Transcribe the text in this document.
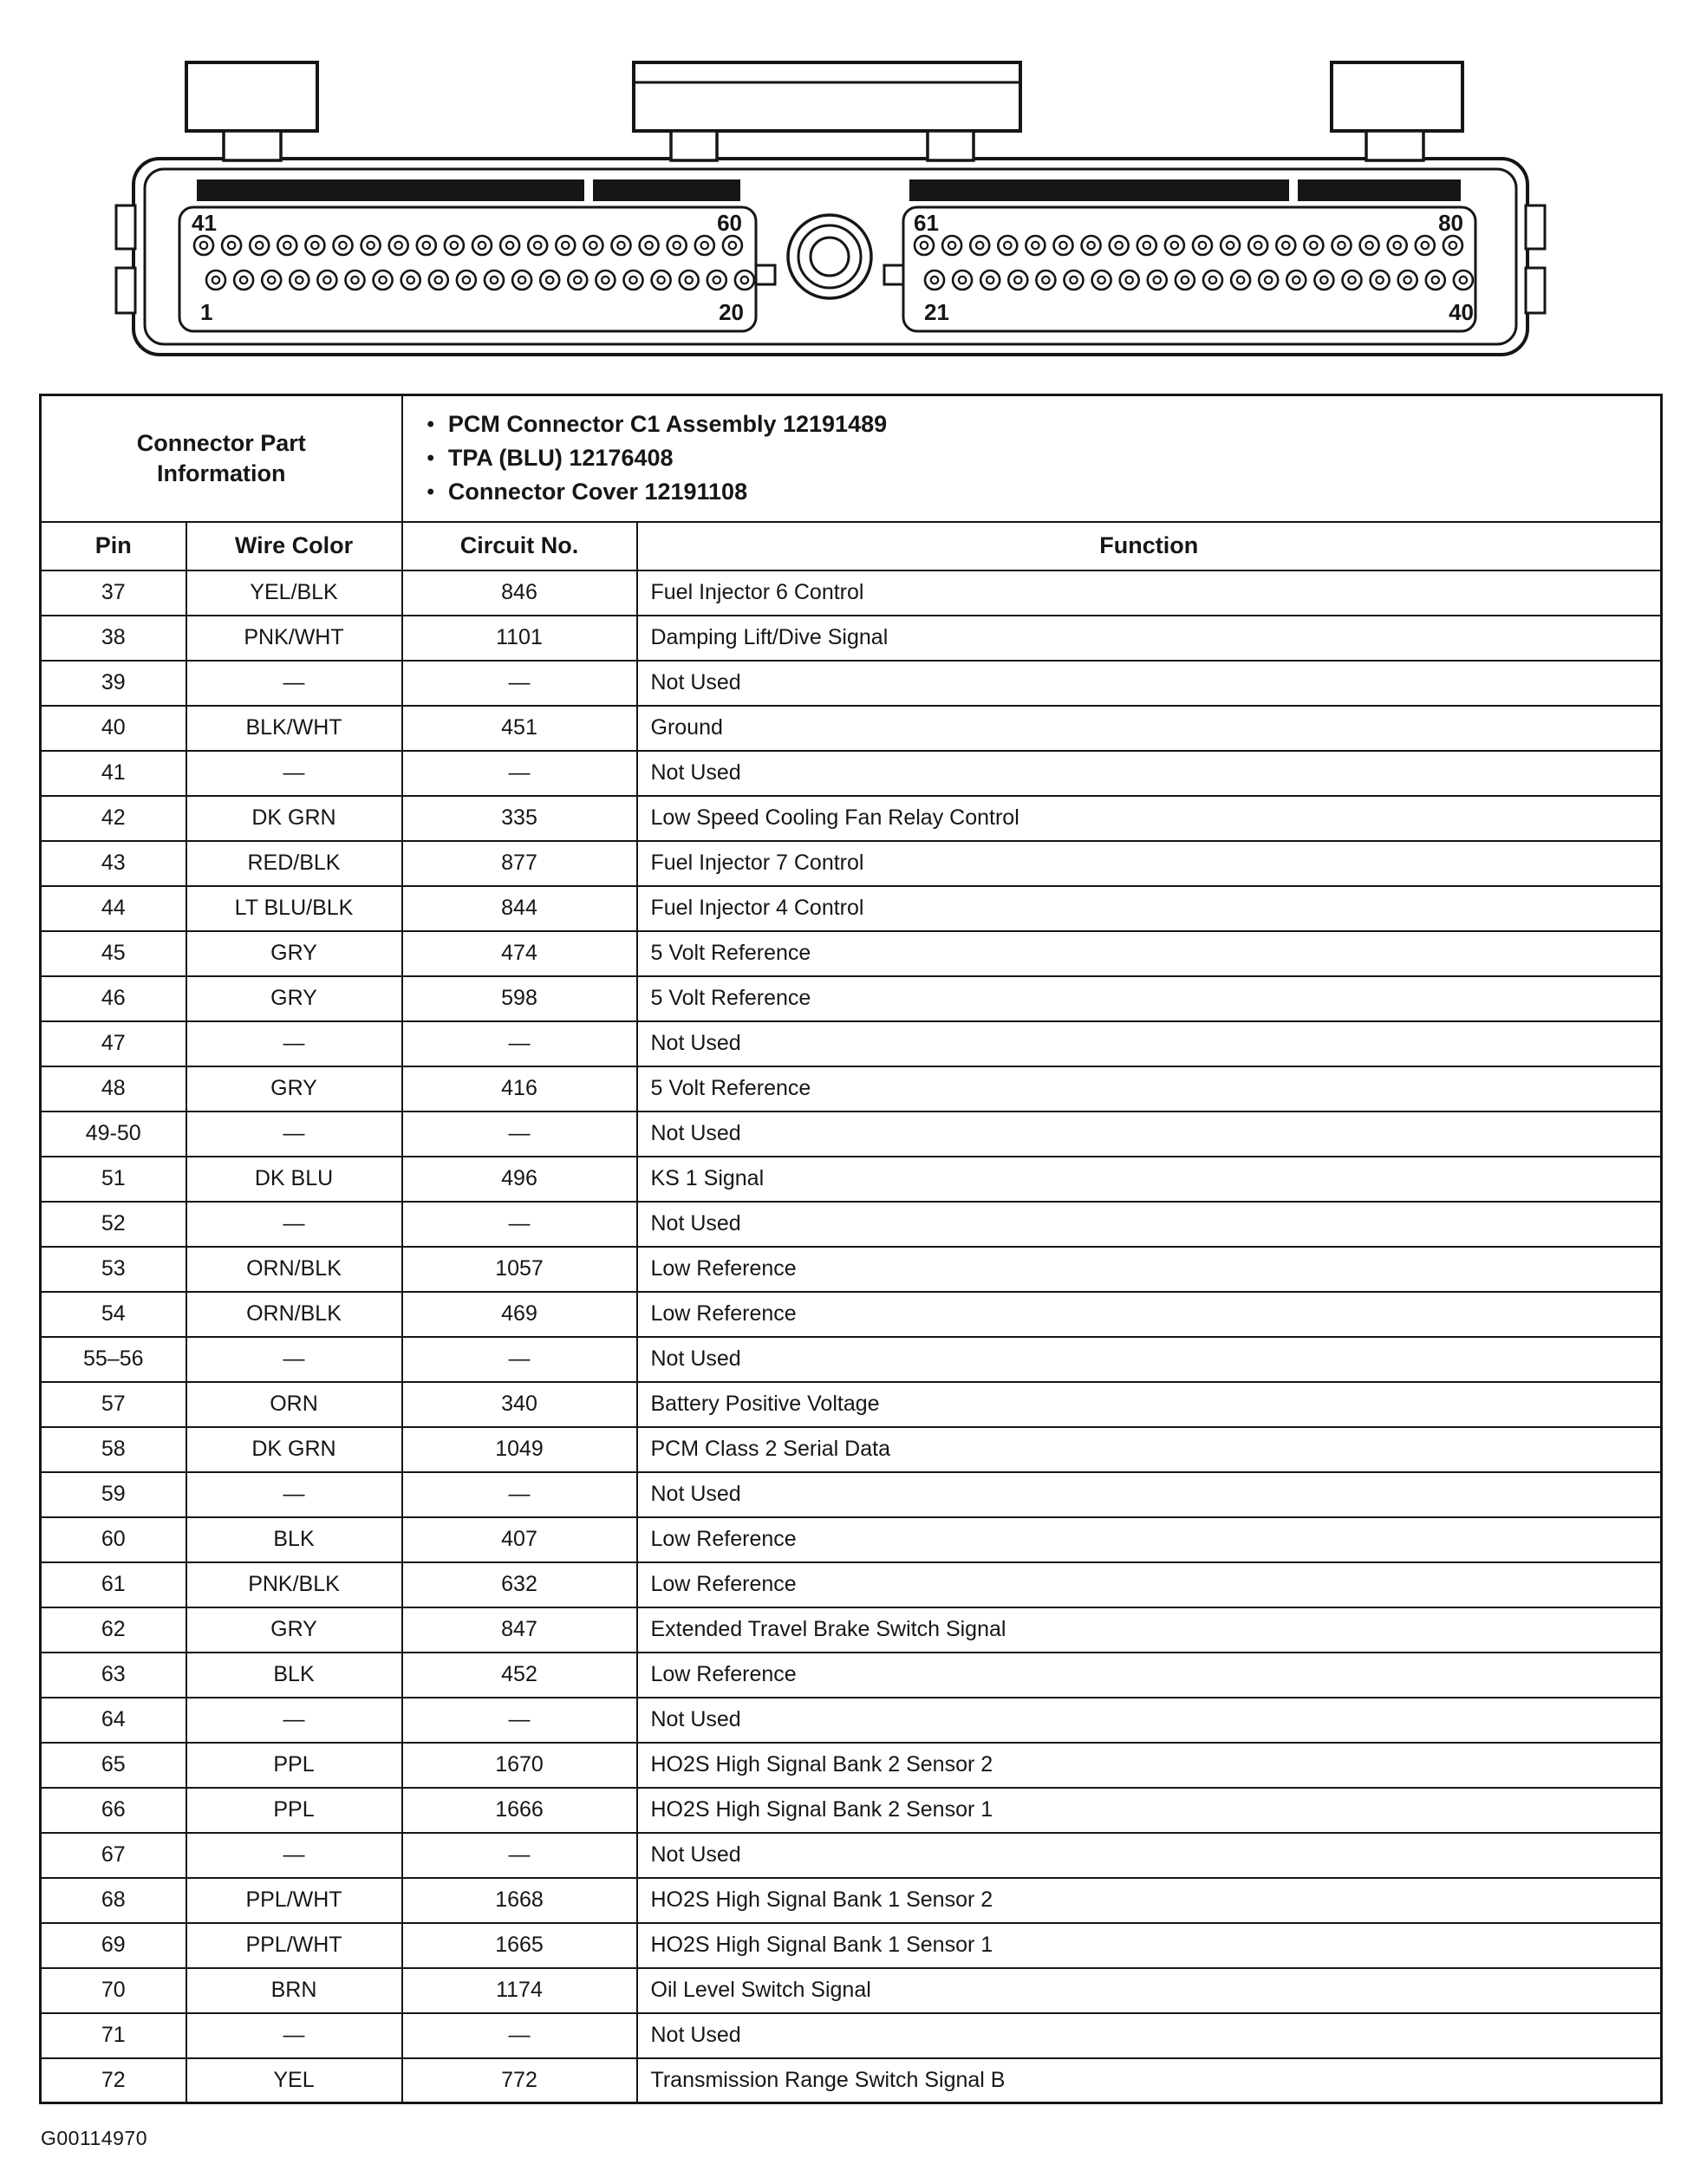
41	60
1	20
61	80
21	40
Connector Part Information

• PCM Connector C1 Assembly 12191489
• TPA (BLU) 12176408
• Connector Cover 12191108

Pin	Wire Color	Circuit No.	Function
37	YEL/BLK	846	Fuel Injector 6 Control
38	PNK/WHT	1101	Damping Lift/Dive Signal
39	—	—	Not Used
40	BLK/WHT	451	Ground
41	—	—	Not Used
42	DK GRN	335	Low Speed Cooling Fan Relay Control
43	RED/BLK	877	Fuel Injector 7 Control
44	LT BLU/BLK	844	Fuel Injector 4 Control
45	GRY	474	5 Volt Reference
46	GRY	598	5 Volt Reference
47	—	—	Not Used
48	GRY	416	5 Volt Reference
49-50	—	—	Not Used
51	DK BLU	496	KS 1 Signal
52	—	—	Not Used
53	ORN/BLK	1057	Low Reference
54	ORN/BLK	469	Low Reference
55–56	—	—	Not Used
57	ORN	340	Battery Positive Voltage
58	DK GRN	1049	PCM Class 2 Serial Data
59	—	—	Not Used
60	BLK	407	Low Reference
61	PNK/BLK	632	Low Reference
62	GRY	847	Extended Travel Brake Switch Signal
63	BLK	452	Low Reference
64	—	—	Not Used
65	PPL	1670	HO2S High Signal Bank 2 Sensor 2
66	PPL	1666	HO2S High Signal Bank 2 Sensor 1
67	—	—	Not Used
68	PPL/WHT	1668	HO2S High Signal Bank 1 Sensor 2
69	PPL/WHT	1665	HO2S High Signal Bank 1 Sensor 1
70	BRN	1174	Oil Level Switch Signal
71	—	—	Not Used
72	YEL	772	Transmission Range Switch Signal B
G00114970
